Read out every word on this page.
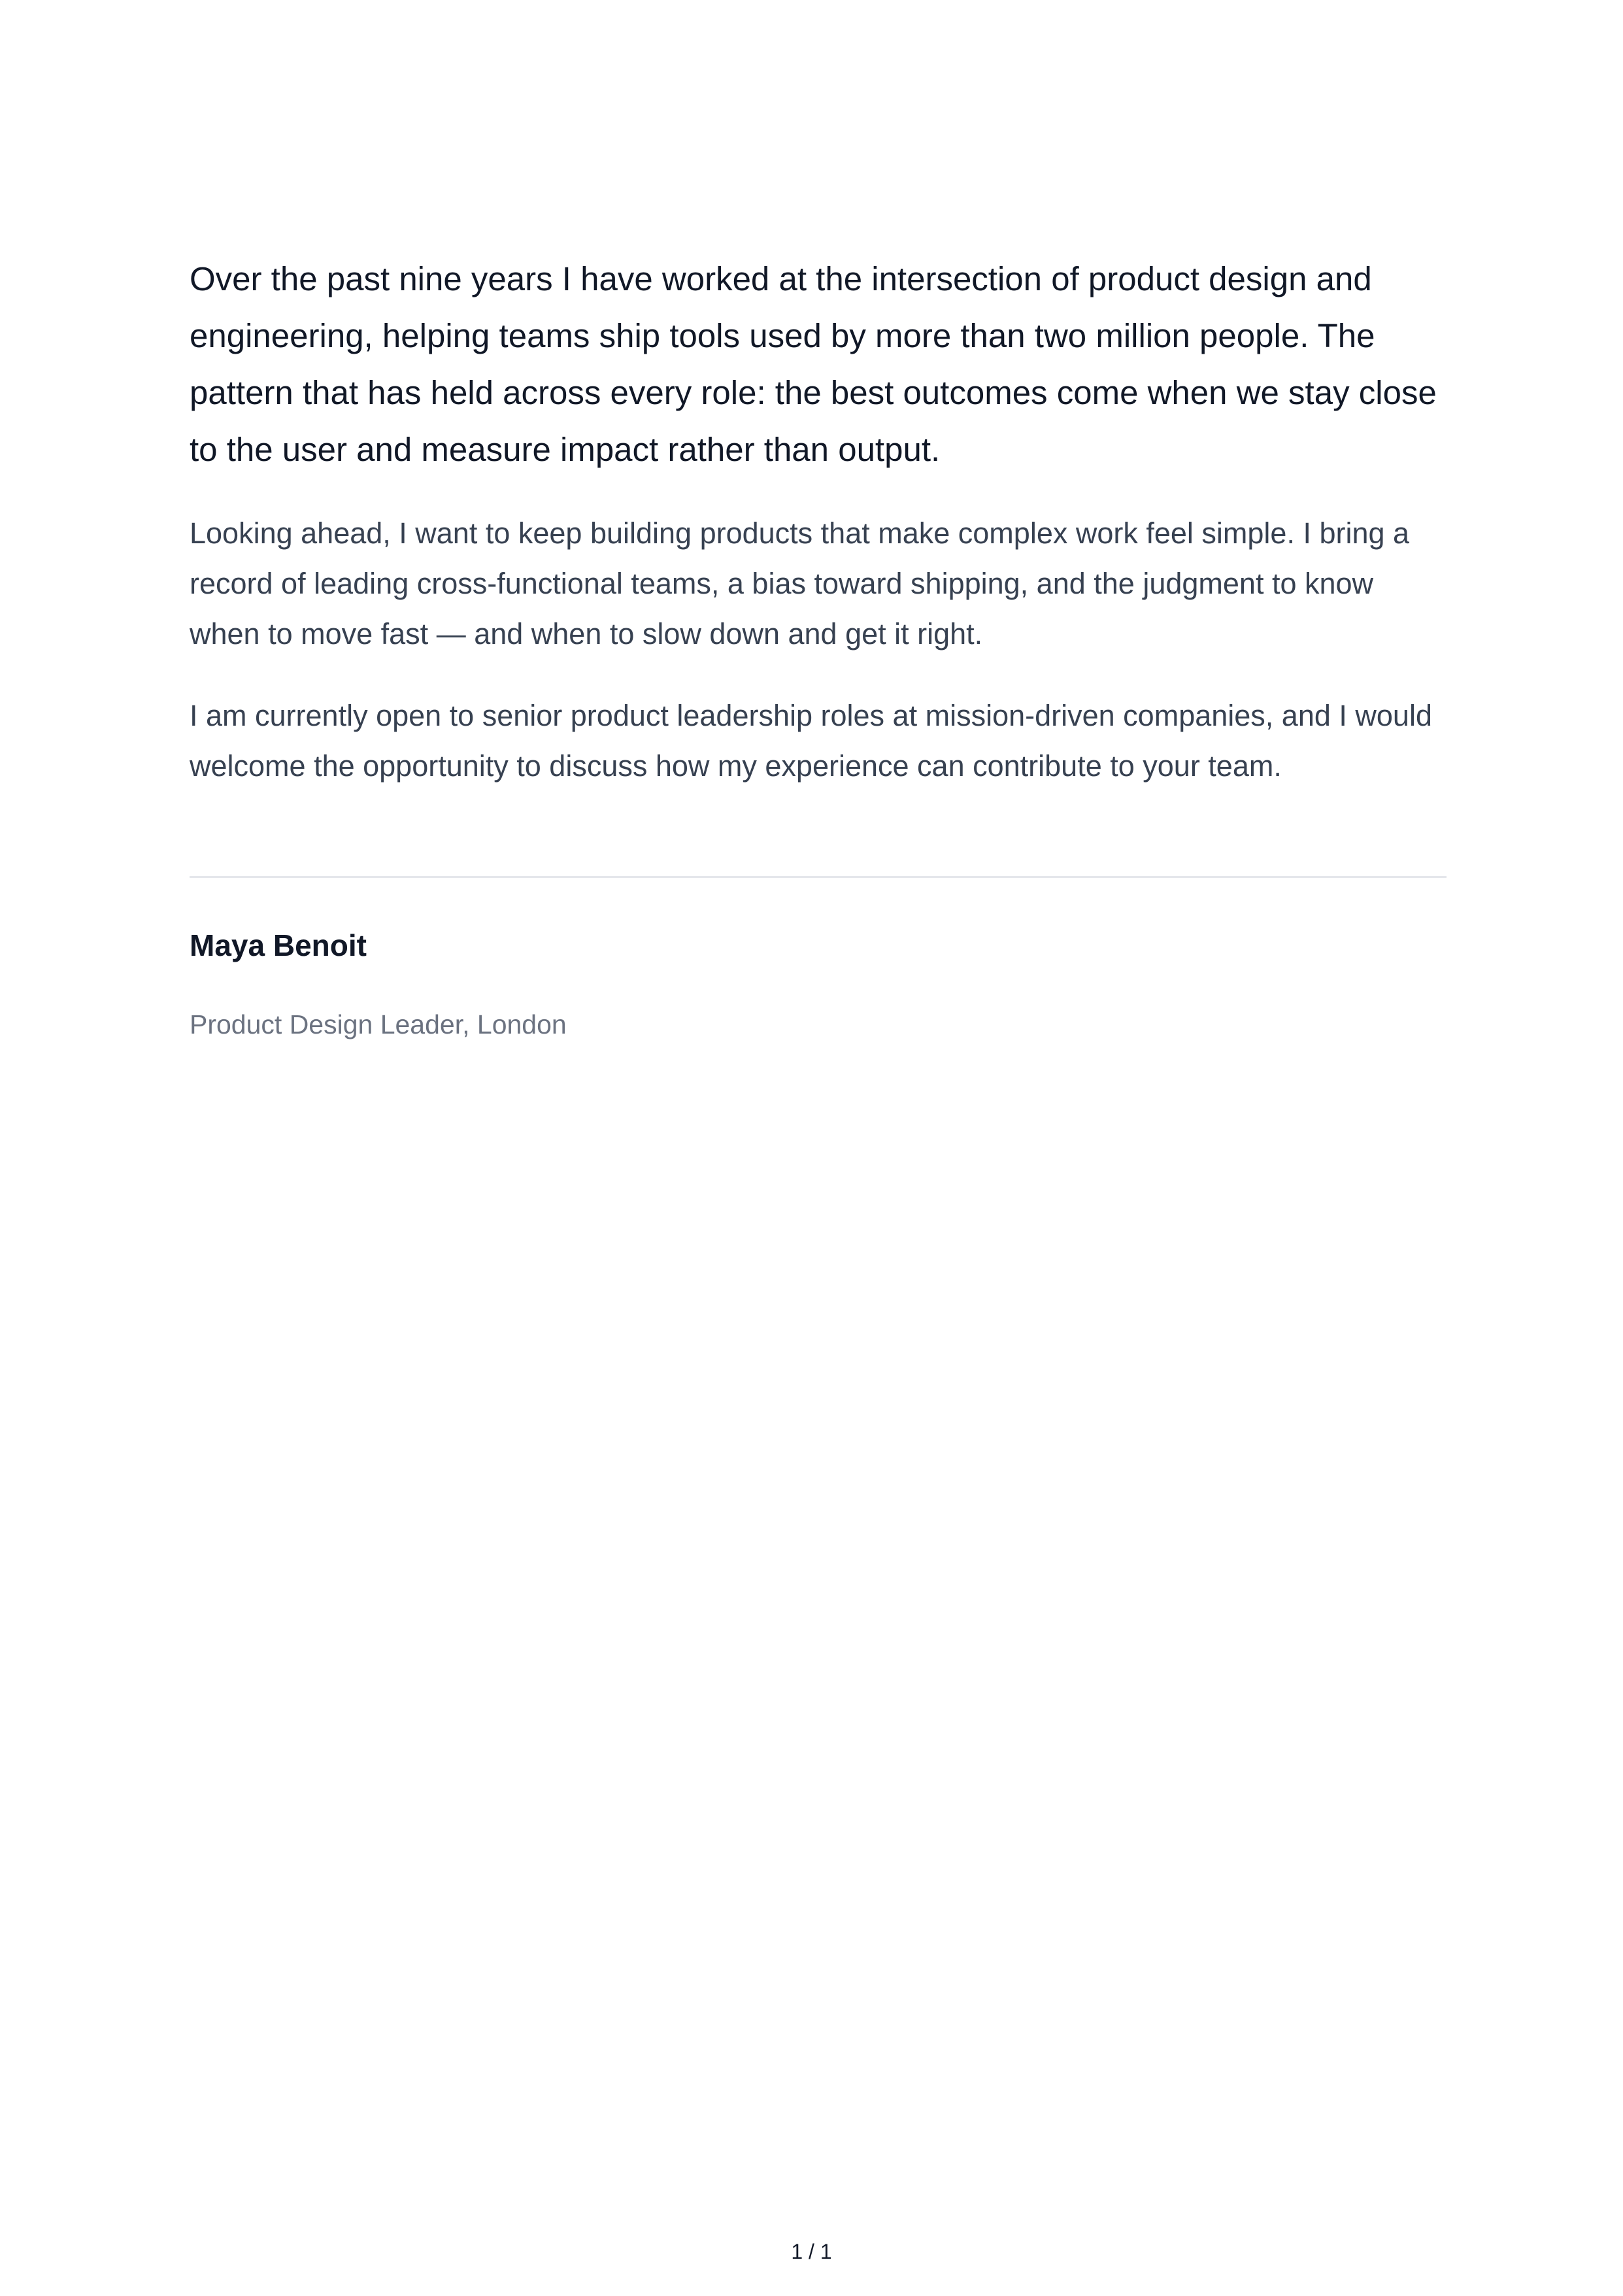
Over the past nine years I have worked at the intersection of product design and engineering, helping teams ship tools used by more than two million people. The pattern that has held across every role: the best outcomes come when we stay close to the user and measure impact rather than output.

Looking ahead, I want to keep building products that make complex work feel simple. I bring a record of leading cross-functional teams, a bias toward shipping, and the judgment to know when to move fast — and when to slow down and get it right.

I am currently open to senior product leadership roles at mission-driven companies, and I would welcome the opportunity to discuss how my experience can contribute to your team.

Maya Benoit
Product Design Leader, London
1 / 1
